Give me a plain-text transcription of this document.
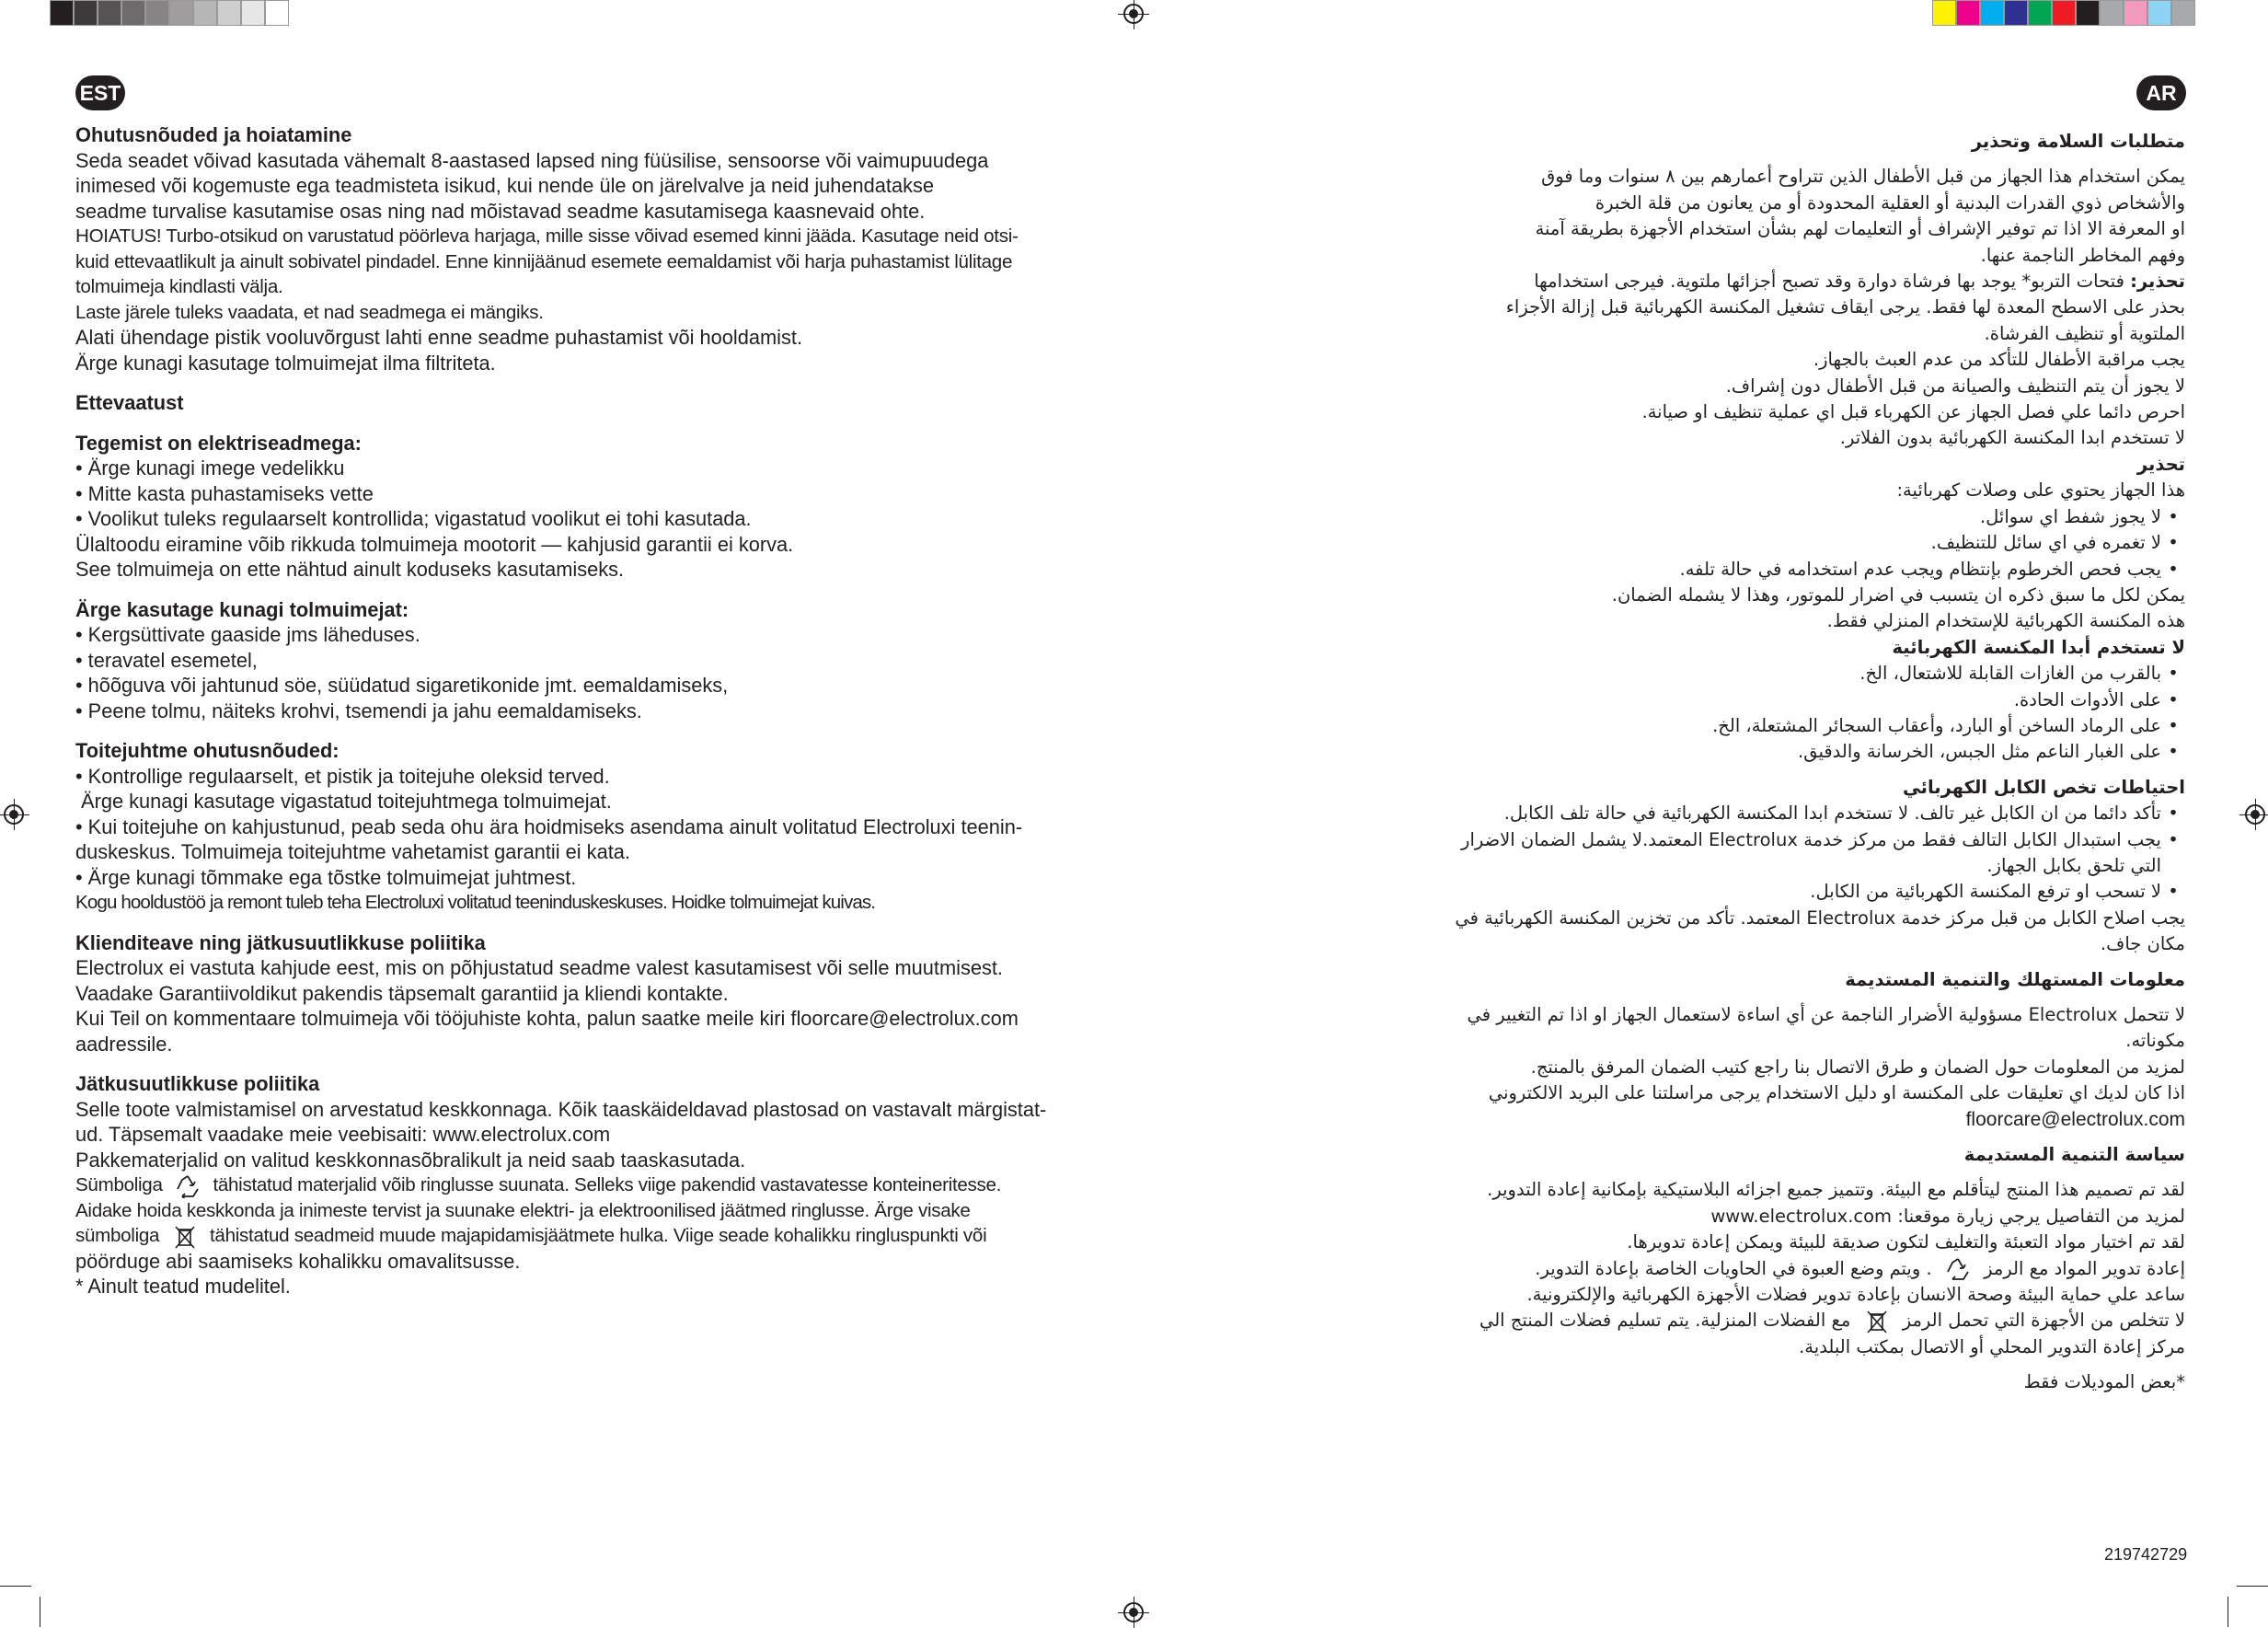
EST	AR
Ohutusnõuded ja hoiatamine
Seda seadet võivad kasutada vähemalt 8-aastased lapsed ning füüsilise, sensoorse või vaimupuudega
inimesed või kogemuste ega teadmisteta isikud, kui nende üle on järelvalve ja neid juhendatakse
seadme turvalise kasutamise osas ning nad mõistavad seadme kasutamisega kaasnevaid ohte.
HOIATUS! Turbo-otsikud on varustatud pöörleva harjaga, mille sisse võivad esemed kinni jääda. Kasutage neid otsi-
kuid ettevaatlikult ja ainult sobivatel pindadel. Enne kinnijäänud esemete eemaldamist või harja puhastamist lülitage
tolmuimeja kindlasti välja.
Laste järele tuleks vaadata, et nad seadmega ei mängiks.
Alati ühendage pistik vooluvõrgust lahti enne seadme puhastamist või hooldamist.
Ärge kunagi kasutage tolmuimejat ilma filtriteta.
Ettevaatust
Tegemist on elektriseadmega:
• Ärge kunagi imege vedelikku
• Mitte kasta puhastamiseks vette
• Voolikut tuleks regulaarselt kontrollida; vigastatud voolikut ei tohi kasutada.
Ülaltoodu eiramine võib rikkuda tolmuimeja mootorit — kahjusid garantii ei korva.
See tolmuimeja on ette nähtud ainult koduseks kasutamiseks.
Ärge kasutage kunagi tolmuimejat:
• Kergsüttivate gaaside jms läheduses.
• teravatel esemetel,
• hõõguva või jahtunud söe, süüdatud sigaretikonide jmt. eemaldamiseks,
• Peene tolmu, näiteks krohvi, tsemendi ja jahu eemaldamiseks.
Toitejuhtme ohutusnõuded:
• Kontrollige regulaarselt, et pistik ja toitejuhe oleksid terved.
Ärge kunagi kasutage vigastatud toitejuhtmega tolmuimejat.
• Kui toitejuhe on kahjustunud, peab seda ohu ära hoidmiseks asendama ainult volitatud Electroluxi teenin-
duskeskus. Tolmuimeja toitejuhtme vahetamist garantii ei kata.
• Ärge kunagi tõmmake ega tõstke tolmuimejat juhtmest.
Kogu hooldustöö ja remont tuleb teha Electroluxi volitatud teeninduskeskuses. Hoidke tolmuimejat kuivas.
Klienditeave ning jätkusuutlikkuse poliitika
Electrolux ei vastuta kahjude eest, mis on põhjustatud seadme valest kasutamisest või selle muutmisest.
Vaadake Garantiivoldikut pakendis täpsemalt garantiid ja kliendi kontakte.
Kui Teil on kommentaare tolmuimeja või tööjuhiste kohta, palun saatke meile kiri floorcare@electrolux.com
aadressile.
Jätkusuutlikkuse poliitika
Selle toote valmistamisel on arvestatud keskkonnaga. Kõik taaskäideldavad plastosad on vastavalt märgistat-
ud. Täpsemalt vaadake meie veebisaiti: www.electrolux.com
Pakkematerjalid on valitud keskkonnasõbralikult ja neid saab taaskasutada.
Sümboliga	tähistatud materjalid võib ringlusse suunata. Selleks viige pakendid vastavatesse konteineritesse.
Aidake hoida keskkonda ja inimeste tervist ja suunake elektri- ja elektroonilised jäätmed ringlusse. Ärge visake
sümboliga	tähistatud seadmeid muude majapidamisjäätmete hulka. Viige seade kohalikku ringluspunkti või
pöörduge abi saamiseks kohalikku omavalitsusse.
* Ainult teatud mudelitel.
متطلبات السلامة وتحذير
يمكن استخدام هذا الجهاز من قبل الأطفال الذين تتراوح أعمارهم بين ٨ سنوات وما فوق
والأشخاص ذوي القدرات البدنية أو العقلية المحدودة أو من يعانون من قلة الخبرة
او المعرفة الا اذا تم توفير الإشراف أو التعليمات لهم بشأن استخدام الأجهزة بطريقة آمنة
وفهم المخاطر الناجمة عنها.
تحذير: فتحات التربو* يوجد بها فرشاة دوارة وقد تصبح أجزائها ملتوية. فيرجى استخدامها
بحذر على الاسطح المعدة لها فقط. يرجى ايقاف تشغيل المكنسة الكهربائية قبل إزالة الأجزاء
الملتوية أو تنظيف الفرشاة.
يجب مراقبة الأطفال للتأكد من عدم العبث بالجهاز.
لا يجوز أن يتم التنظيف والصيانة من قبل الأطفال دون إشراف.
احرص دائما علي فصل الجهاز عن الكهرباء قبل اي عملية تنظيف او صيانة.
لا تستخدم ابدا المكنسة الكهربائية بدون الفلاتر.
تحذير
هذا الجهاز يحتوي على وصلات كهربائية:
• لا يجوز شفط اي سوائل.
• لا تغمره في اي سائل للتنظيف.
• يجب فحص الخرطوم بإنتظام ويجب عدم استخدامه في حالة تلفه.
يمكن لكل ما سبق ذكره ان يتسبب في اضرار للموتور، وهذا لا يشمله الضمان.
هذه المكنسة الكهربائية للإستخدام المنزلي فقط.
لا تستخدم أبدا المكنسة الكهربائية
• بالقرب من الغازات القابلة للاشتعال، الخ.
• على الأدوات الحادة.
• على الرماد الساخن أو البارد، وأعقاب السجائر المشتعلة، الخ.
• على الغبار الناعم مثل الجبس، الخرسانة والدقيق.
احتياطات تخص الكابل الكهربائي
• تأكد دائما من ان الكابل غير تالف. لا تستخدم ابدا المكنسة الكهربائية في حالة تلف الكابل.
• يجب استبدال الكابل التالف فقط من مركز خدمة Electrolux المعتمد.لا يشمل الضمان الاضرار
التي تلحق بكابل الجهاز.
• لا تسحب او ترفع المكنسة الكهربائية من الكابل.
يجب اصلاح الكابل من قبل مركز خدمة Electrolux المعتمد. تأكد من تخزين المكنسة الكهربائية في
مكان جاف.
معلومات المستهلك والتنمية المستديمة
لا تتحمل Electrolux مسؤولية الأضرار الناجمة عن أي اساءة لاستعمال الجهاز او اذا تم التغيير في
مكوناته.
لمزيد من المعلومات حول الضمان و طرق الاتصال بنا راجع كتيب الضمان المرفق بالمنتج.
اذا كان لديك اي تعليقات على المكنسة او دليل الاستخدام يرجى مراسلتنا على البريد الالكتروني
floorcare@electrolux.com
سياسة التنمية المستديمة
لقد تم تصميم هذا المنتج ليتأقلم مع البيئة. وتتميز جميع اجزائه البلاستيكية بإمكانية إعادة التدوير.
لمزيد من التفاصيل يرجي زيارة موقعنا: www.electrolux.com
لقد تم اختيار مواد التعبئة والتغليف لتكون صديقة للبيئة ويمكن إعادة تدويرها.
إعادة تدوير المواد مع الرمز  . ويتم وضع العبوة في الحاويات الخاصة بإعادة التدوير.
ساعد علي حماية البيئة وصحة الانسان بإعادة تدوير فضلات الأجهزة الكهربائية والإلكترونية.
لا تتخلص من الأجهزة التي تحمل الرمز  مع الفضلات المنزلية. يتم تسليم فضلات المنتج الي
مركز إعادة التدوير المحلي أو الاتصال بمكتب البلدية.
*بعض الموديلات فقط
219742729
